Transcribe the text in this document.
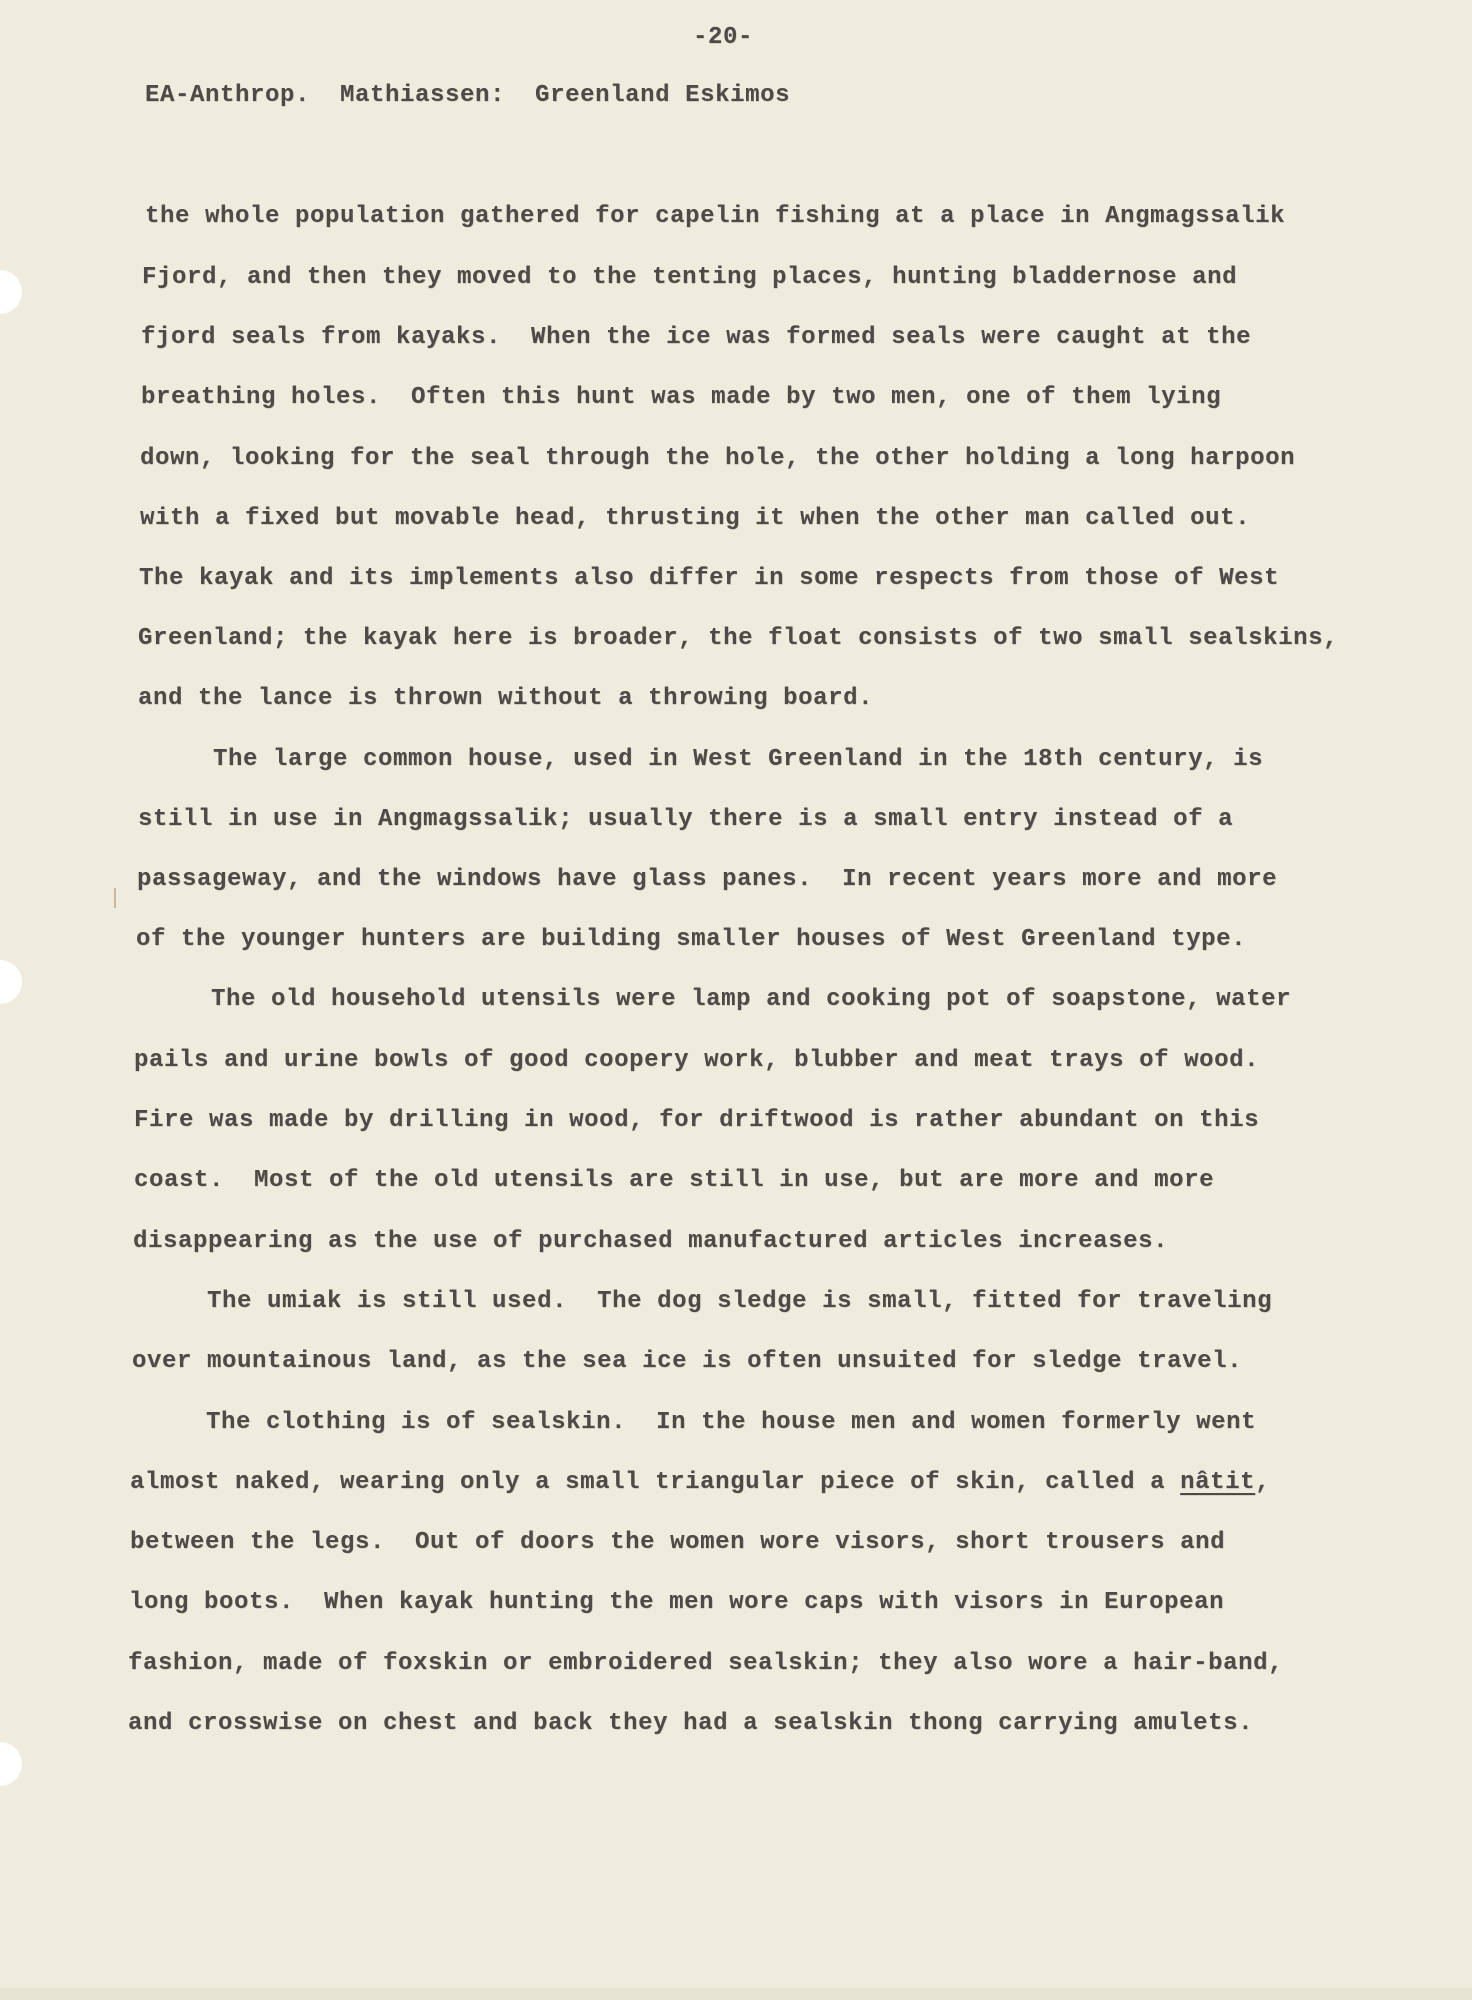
-20-
EA-Anthrop.  Mathiassen:  Greenland Eskimos
the whole population gathered for capelin fishing at a place in Angmagssalik
Fjord, and then they moved to the tenting places, hunting bladdernose and
fjord seals from kayaks.  When the ice was formed seals were caught at the
breathing holes.  Often this hunt was made by two men, one of them lying
down, looking for the seal through the hole, the other holding a long harpoon
with a fixed but movable head, thrusting it when the other man called out.
The kayak and its implements also differ in some respects from those of West
Greenland; the kayak here is broader, the float consists of two small sealskins,
and the lance is thrown without a throwing board.
The large common house, used in West Greenland in the 18th century, is
still in use in Angmagssalik; usually there is a small entry instead of a
passageway, and the windows have glass panes.  In recent years more and more
of the younger hunters are building smaller houses of West Greenland type.
The old household utensils were lamp and cooking pot of soapstone, water
pails and urine bowls of good coopery work, blubber and meat trays of wood.
Fire was made by drilling in wood, for driftwood is rather abundant on this
coast.  Most of the old utensils are still in use, but are more and more
disappearing as the use of purchased manufactured articles increases.
The umiak is still used.  The dog sledge is small, fitted for traveling
over mountainous land, as the sea ice is often unsuited for sledge travel.
The clothing is of sealskin.  In the house men and women formerly went
almost naked, wearing only a small triangular piece of skin, called a nâtit,
between the legs.  Out of doors the women wore visors, short trousers and
long boots.  When kayak hunting the men wore caps with visors in European
fashion, made of foxskin or embroidered sealskin; they also wore a hair-band,
and crosswise on chest and back they had a sealskin thong carrying amulets.
